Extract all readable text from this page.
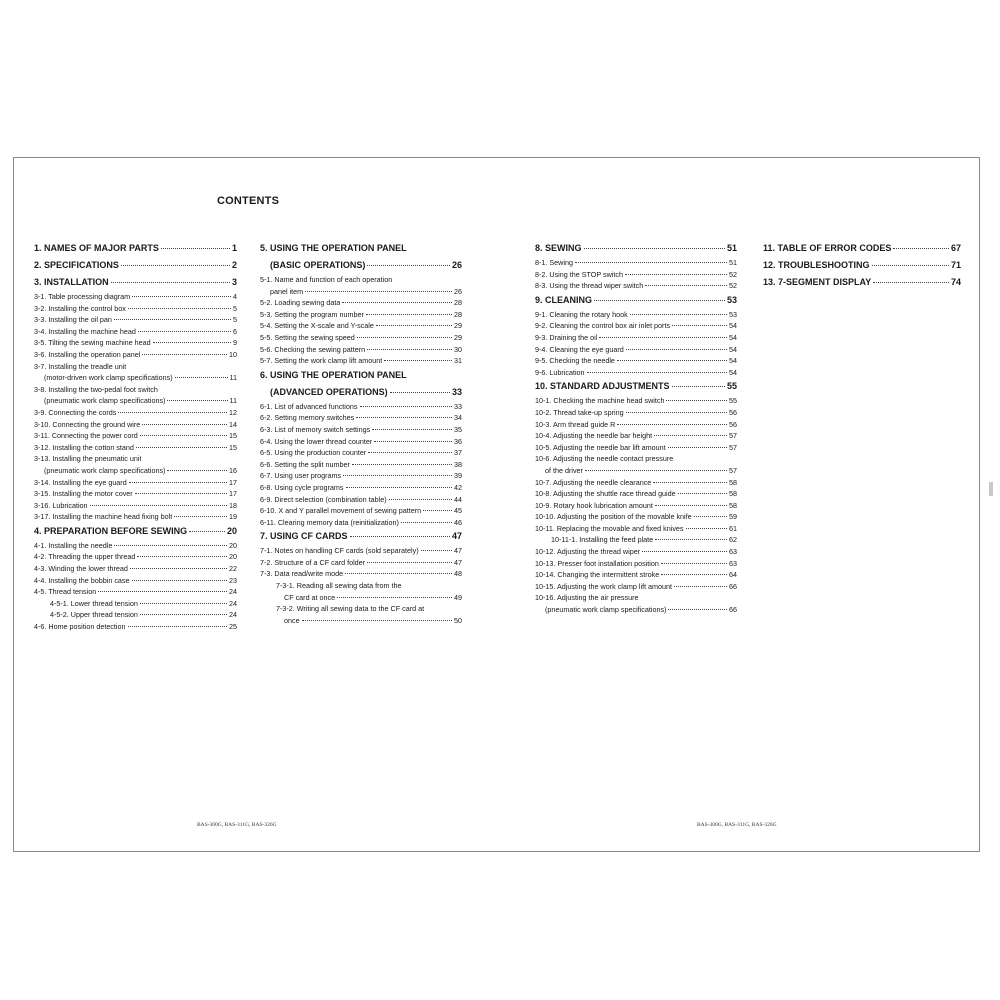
CONTENTS
1. NAMES OF MAJOR PARTS	1
2. SPECIFICATIONS	2
3. INSTALLATION	3
3-1. Table processing diagram	4
3-2. Installing the control box	5
3-3. Installing the oil pan	5
3-4. Installing the machine head	6
3-5. Tilting the sewing machine head	9
3-6. Installing the operation panel	10
3-7. Installing the treadle unit
(motor-driven work clamp specifications)	11
3-8. Installing the two-pedal foot switch
(pneumatic work clamp specifications)	11
3-9. Connecting the cords	12
3-10. Connecting the ground wire	14
3-11. Connecting the power cord	15
3-12. Installing the cotton stand	15
3-13. Installing the pneumatic unit
(pneumatic work clamp specifications)	16
3-14. Installing the eye guard	17
3-15. Installing the motor cover	17
3-16. Lubrication	18
3-17. Installing the machine head fixing bolt	19
4. PREPARATION BEFORE SEWING	20
4-1. Installing the needle	20
4-2. Threading the upper thread	20
4-3. Winding the lower thread	22
4-4. Installing the bobbin case	23
4-5. Thread tension	24
4-5-1. Lower thread tension	24
4-5-2. Upper thread tension	24
4-6. Home position detection	25
5. USING THE OPERATION PANEL
(BASIC OPERATIONS)	26
5-1. Name and function of each operation
panel item	26
5-2. Loading sewing data	28
5-3. Setting the program number	28
5-4. Setting the X-scale and Y-scale	29
5-5. Setting the sewing speed	29
5-6. Checking the sewing pattern	30
5-7. Setting the work clamp lift amount	31
6. USING THE OPERATION PANEL
(ADVANCED OPERATIONS)	33
6-1. List of advanced functions	33
6-2. Setting memory switches	34
6-3. List of memory switch settings	35
6-4. Using the lower thread counter	36
6-5. Using the production counter	37
6-6. Setting the split number	38
6-7. Using user programs	39
6-8. Using cycle programs	42
6-9. Direct selection (combination table)	44
6-10. X and Y parallel movement of sewing pattern	45
6-11. Clearing memory data (reinitialization)	46
7. USING CF CARDS	47
7-1. Notes on handling CF cards (sold separately)	47
7-2. Structure of a CF card folder	47
7-3. Data read/write mode	48
7-3-1. Reading all sewing data from the
CF card at once	49
7-3-2. Writing all sewing data to the CF card at
once	50
8. SEWING	51
8-1. Sewing	51
8-2. Using the STOP switch	52
8-3. Using the thread wiper switch	52
9. CLEANING	53
9-1. Cleaning the rotary hook	53
9-2. Cleaning the control box air inlet ports	54
9-3. Draining the oil	54
9-4. Cleaning the eye guard	54
9-5. Checking the needle	54
9-6. Lubrication	54
10. STANDARD ADJUSTMENTS	55
10-1. Checking the machine head switch	55
10-2. Thread take-up spring	56
10-3. Arm thread guide R	56
10-4. Adjusting the needle bar height	57
10-5. Adjusting the needle bar lift amount	57
10-6. Adjusting the needle contact pressure
of the driver	57
10-7. Adjusting the needle clearance	58
10-8. Adjusting the shuttle race thread guide	58
10-9. Rotary hook lubrication amount	58
10-10. Adjusting the position of the movable knife	59
10-11. Replacing the movable and fixed knives	61
10-11-1. Installing the feed plate	62
10-12. Adjusting the thread wiper	63
10-13. Presser foot installation position	63
10-14. Changing the intermittent stroke	64
10-15. Adjusting the work clamp lift amount	66
10-16. Adjusting the air pressure
(pneumatic work clamp specifications)	66
11. TABLE OF ERROR CODES	67
12. TROUBLESHOOTING	71
13. 7-SEGMENT DISPLAY	74
BAS-300G, BAS-311G, BAS-326G	BAS-300G, BAS-311G, BAS-326G
